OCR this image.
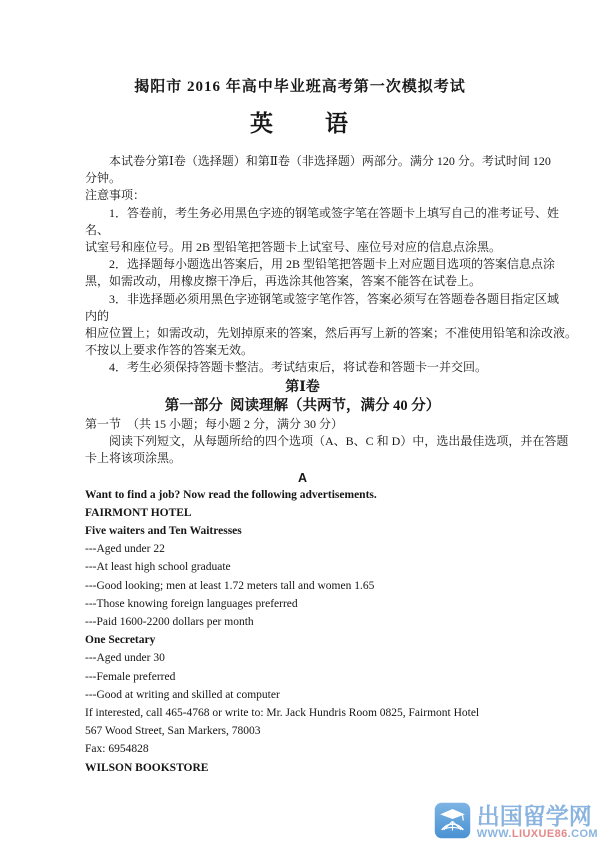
揭阳市 2016 年高中毕业班高考第一次模拟考试
英　　语
本试卷分第Ⅰ卷（选择题）和第Ⅱ卷（非选择题）两部分。满分 120 分。考试时间 120
分钟。
注意事项：
1．答卷前，考生务必用黑色字迹的钢笔或签字笔在答题卡上填写自己的准考证号、姓
名、
试室号和座位号。用 2B 型铅笔把答题卡上试室号、座位号对应的信息点涂黑。
2．选择题每小题选出答案后，用 2B 型铅笔把答题卡上对应题目选项的答案信息点涂
黑，如需改动，用橡皮擦干净后，再选涂其他答案，答案不能答在试卷上。
3．非选择题必须用黑色字迹钢笔或签字笔作答，答案必须写在答题卷各题目指定区域
内的
相应位置上；如需改动，先划掉原来的答案，然后再写上新的答案；不准使用铅笔和涂改液。
不按以上要求作答的答案无效。
4．考生必须保持答题卡整洁。考试结束后，将试卷和答题卡一并交回。
第Ⅰ卷
第一部分  阅读理解（共两节，满分 40 分）
第一节　（共 15 小题；每小题 2 分，满分 30 分）
阅读下列短文，从每题所给的四个选项（A、B、C 和 D）中，选出最佳选项，并在答题
卡上将该项涂黑。
A
Want to find a job? Now read the following advertisements.
FAIRMONT HOTEL
Five waiters and Ten Waitresses
---Aged under 22
---At least high school graduate
---Good looking; men at least 1.72 meters tall and women 1.65
---Those knowing foreign languages preferred
---Paid 1600-2200 dollars per month
One Secretary
---Aged under 30
---Female preferred
---Good at writing and skilled at computer
If interested, call 465-4768 or write to: Mr. Jack Hundris Room 0825, Fairmont Hotel
567 Wood Street, San Markers, 78003
Fax: 6954828
WILSON BOOKSTORE
出国留学网
WWW.LIUXUE86.COM
